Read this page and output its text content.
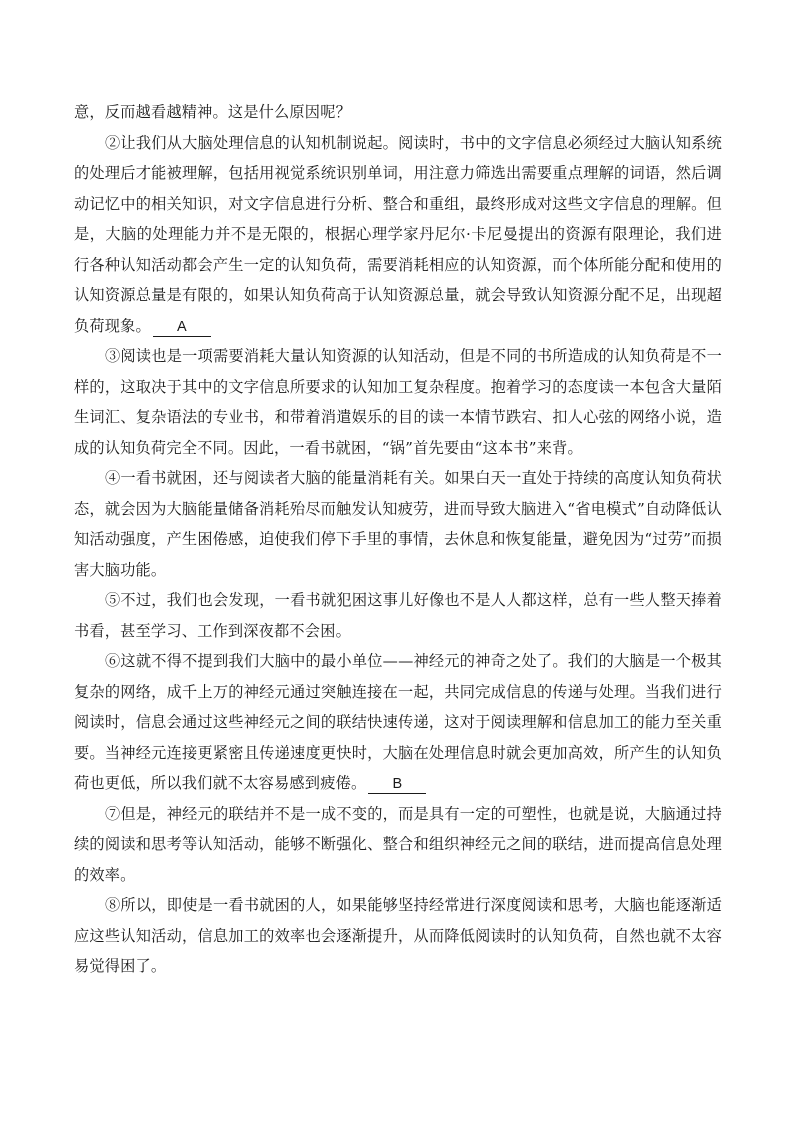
意，反而越看越精神。这是什么原因呢？

②让我们从大脑处理信息的认知机制说起。阅读时，书中的文字信息必须经过大脑认知系统的处理后才能被理解，包括用视觉系统识别单词，用注意力筛选出需要重点理解的词语，然后调动记忆中的相关知识，对文字信息进行分析、整合和重组，最终形成对这些文字信息的理解。但是，大脑的处理能力并不是无限的，根据心理学家丹尼尔·卡尼曼提出的资源有限理论，我们进行各种认知活动都会产生一定的认知负荷，需要消耗相应的认知资源，而个体所能分配和使用的认知资源总量是有限的，如果认知负荷高于认知资源总量，就会导致认知资源分配不足，出现超负荷现象。 A

③阅读也是一项需要消耗大量认知资源的认知活动，但是不同的书所造成的认知负荷是不一样的，这取决于其中的文字信息所要求的认知加工复杂程度。抱着学习的态度读一本包含大量陌生词汇、复杂语法的专业书，和带着消遣娱乐的目的读一本情节跌宕、扣人心弦的网络小说，造成的认知负荷完全不同。因此，一看书就困，“锅”首先要由“这本书”来背。

④一看书就困，还与阅读者大脑的能量消耗有关。如果白天一直处于持续的高度认知负荷状态，就会因为大脑能量储备消耗殆尽而触发认知疲劳，进而导致大脑进入“省电模式”自动降低认知活动强度，产生困倦感，迫使我们停下手里的事情，去休息和恢复能量，避免因为“过劳”而损害大脑功能。

⑤不过，我们也会发现，一看书就犯困这事儿好像也不是人人都这样，总有一些人整天捧着书看，甚至学习、工作到深夜都不会困。

⑥这就不得不提到我们大脑中的最小单位——神经元的神奇之处了。我们的大脑是一个极其复杂的网络，成千上万的神经元通过突触连接在一起，共同完成信息的传递与处理。当我们进行阅读时，信息会通过这些神经元之间的联结快速传递，这对于阅读理解和信息加工的能力至关重要。当神经元连接更紧密且传递速度更快时，大脑在处理信息时就会更加高效，所产生的认知负荷也更低，所以我们就不太容易感到疲倦。 B

⑦但是，神经元的联结并不是一成不变的，而是具有一定的可塑性，也就是说，大脑通过持续的阅读和思考等认知活动，能够不断强化、整合和组织神经元之间的联结，进而提高信息处理的效率。

⑧所以，即使是一看书就困的人，如果能够坚持经常进行深度阅读和思考，大脑也能逐渐适应这些认知活动，信息加工的效率也会逐渐提升，从而降低阅读时的认知负荷，自然也就不太容易觉得困了。
